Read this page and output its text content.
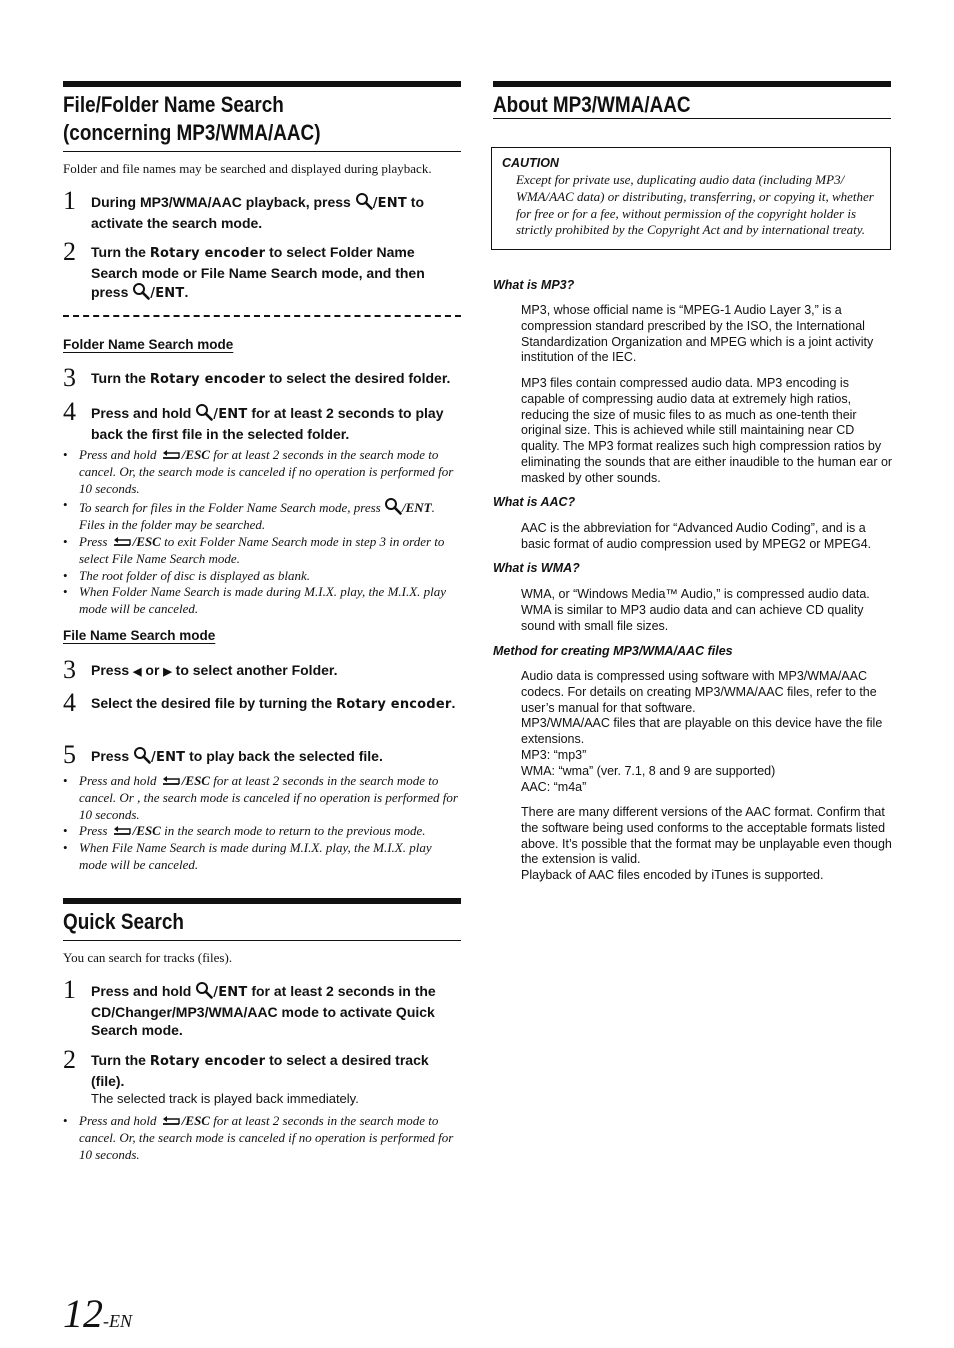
File/Folder Name Search
(concerning MP3/WMA/AAC)
Folder and file names may be searched and displayed during playback.
1 During MP3/WMA/AAC playback, press /ENT to activate the search mode.
2 Turn the Rotary encoder to select Folder Name Search mode or File Name Search mode, and then press /ENT.
Folder Name Search mode
3 Turn the Rotary encoder to select the desired folder.
4 Press and hold /ENT for at least 2 seconds to play back the first file in the selected folder.
• Press and hold /ESC for at least 2 seconds in the search mode to cancel. Or, the search mode is canceled if no operation is performed for 10 seconds.
• To search for files in the Folder Name Search mode, press /ENT. Files in the folder may be searched.
• Press /ESC to exit Folder Name Search mode in step 3 in order to select File Name Search mode.
• The root folder of disc is displayed as blank.
• When Folder Name Search is made during M.I.X. play, the M.I.X. play mode will be canceled.
File Name Search mode
3 Press ◀ or ▶ to select another Folder.
4 Select the desired file by turning the Rotary encoder.
5 Press /ENT to play back the selected file.
• Press and hold /ESC for at least 2 seconds in the search mode to cancel. Or , the search mode is canceled if no operation is performed for 10 seconds.
• Press /ESC in the search mode to return to the previous mode.
• When File Name Search is made during M.I.X. play, the M.I.X. play mode will be canceled.
Quick Search
You can search for tracks (files).
1 Press and hold /ENT for at least 2 seconds in the CD/Changer/MP3/WMA/AAC mode to activate Quick Search mode.
2 Turn the Rotary encoder to select a desired track (file).
The selected track is played back immediately.
• Press and hold /ESC for at least 2 seconds in the search mode to cancel. Or, the search mode is canceled if no operation is performed for 10 seconds.
About MP3/WMA/AAC
CAUTION
Except for private use, duplicating audio data (including MP3/ WMA/AAC data) or distributing, transferring, or copying it, whether for free or for a fee, without permission of the copyright holder is strictly prohibited by the Copyright Act and by international treaty.
What is MP3?
MP3, whose official name is “MPEG-1 Audio Layer 3,” is a compression standard prescribed by the ISO, the International Standardization Organization and MPEG which is a joint activity institution of the IEC.
MP3 files contain compressed audio data. MP3 encoding is capable of compressing audio data at extremely high ratios, reducing the size of music files to as much as one-tenth their original size. This is achieved while still maintaining near CD quality. The MP3 format realizes such high compression ratios by eliminating the sounds that are either inaudible to the human ear or masked by other sounds.
What is AAC?
AAC is the abbreviation for “Advanced Audio Coding”, and is a basic format of audio compression used by MPEG2 or MPEG4.
What is WMA?
WMA, or “Windows Media™ Audio,” is compressed audio data. WMA is similar to MP3 audio data and can achieve CD quality sound with small file sizes.
Method for creating MP3/WMA/AAC files
Audio data is compressed using software with MP3/WMA/AAC codecs. For details on creating MP3/WMA/AAC files, refer to the user’s manual for that software.
MP3/WMA/AAC files that are playable on this device have the file extensions.
MP3: “mp3”
WMA: “wma” (ver. 7.1, 8 and 9 are supported)
AAC: “m4a”
There are many different versions of the AAC format. Confirm that the software being used conforms to the acceptable formats listed above. It’s possible that the format may be unplayable even though the extension is valid.
Playback of AAC files encoded by iTunes is supported.
12-EN
